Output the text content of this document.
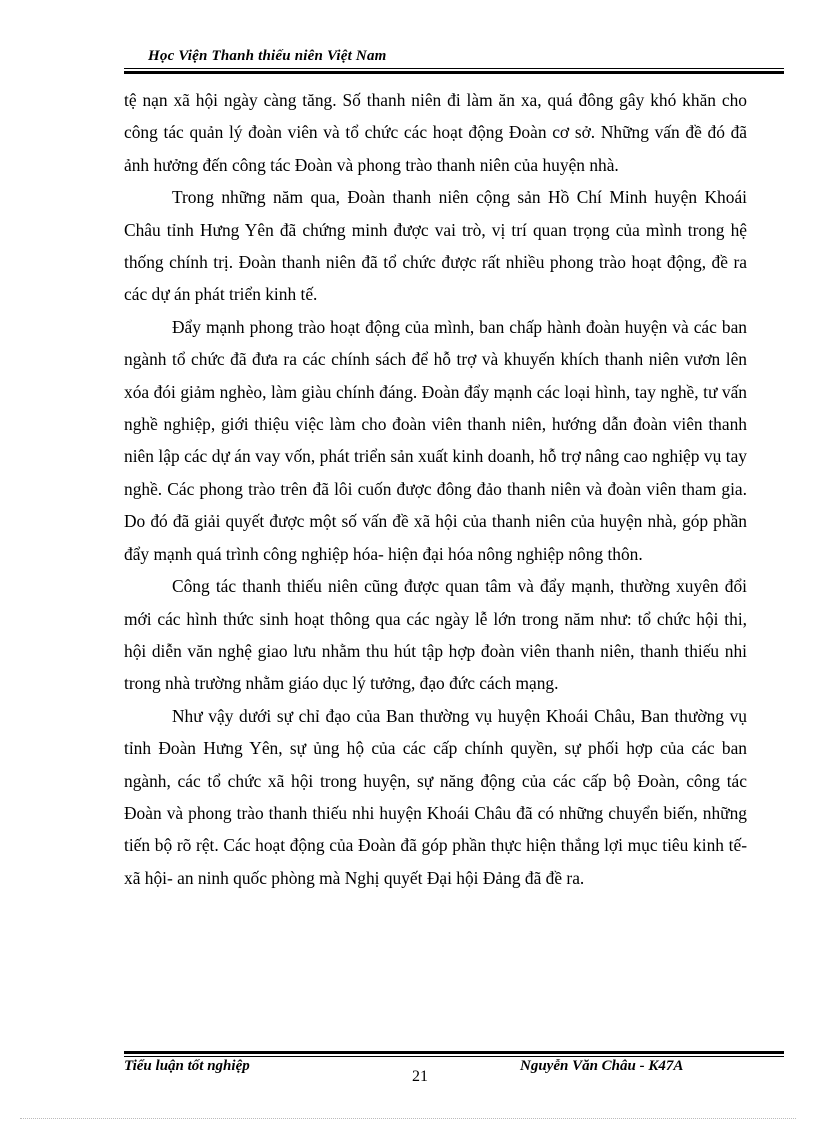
Học Viện Thanh thiếu niên Việt Nam

tệ nạn xã hội ngày càng tăng. Số thanh niên đi làm ăn xa, quá đông gây khó khăn cho công tác quản lý đoàn viên và tổ chức các hoạt động Đoàn cơ sở. Những vấn đề đó đã ảnh hưởng đến công tác Đoàn và phong trào thanh niên của huyện nhà.

Trong những năm qua, Đoàn thanh niên cộng sản Hồ Chí Minh huyện Khoái Châu tỉnh Hưng Yên đã chứng minh được vai trò, vị trí quan trọng của mình trong hệ thống chính trị. Đoàn thanh niên đã tổ chức được rất nhiều phong trào hoạt động, đề ra các dự án phát triển kinh tế.

Đẩy mạnh phong trào hoạt động của mình, ban chấp hành đoàn huyện và các ban ngành tổ chức đã đưa ra các chính sách để hỗ trợ và khuyến khích thanh niên vươn lên xóa đói giảm nghèo, làm giàu chính đáng. Đoàn đẩy mạnh các loại hình, tay nghề, tư vấn nghề nghiệp, giới thiệu việc làm cho đoàn viên thanh niên, hướng dẫn đoàn viên thanh niên lập các dự án vay vốn, phát triển sản xuất kinh doanh, hỗ trợ nâng cao nghiệp vụ tay nghề. Các phong trào trên đã lôi cuốn được đông đảo thanh niên và đoàn viên tham gia. Do đó đã giải quyết được một số vấn đề xã hội của thanh niên của huyện nhà, góp phần đẩy mạnh quá trình công nghiệp hóa- hiện đại hóa nông nghiệp nông thôn.

Công tác thanh thiếu niên cũng được quan tâm và đẩy mạnh, thường xuyên đổi mới các hình thức sinh hoạt thông qua các ngày lễ lớn trong năm như: tổ chức hội thi, hội diễn văn nghệ giao lưu nhằm thu hút tập hợp đoàn viên thanh niên, thanh thiếu nhi trong nhà trường nhằm giáo dục lý tưởng, đạo đức cách mạng.

Như vậy dưới sự chỉ đạo của Ban thường vụ huyện Khoái Châu, Ban thường vụ tỉnh Đoàn Hưng Yên, sự ủng hộ của các cấp chính quyền, sự phối hợp của các ban ngành, các tổ chức xã hội trong huyện, sự năng động của các cấp bộ Đoàn, công tác Đoàn và phong trào thanh thiếu nhi huyện Khoái Châu đã có những chuyển biến, những tiến bộ rõ rệt. Các hoạt động của Đoàn đã góp phần thực hiện thắng lợi mục tiêu kinh tế- xã hội- an ninh quốc phòng mà Nghị quyết Đại hội Đảng đã đề ra.

Tiểu luận tốt nghiệp
21
Nguyễn Văn Châu - K47A
